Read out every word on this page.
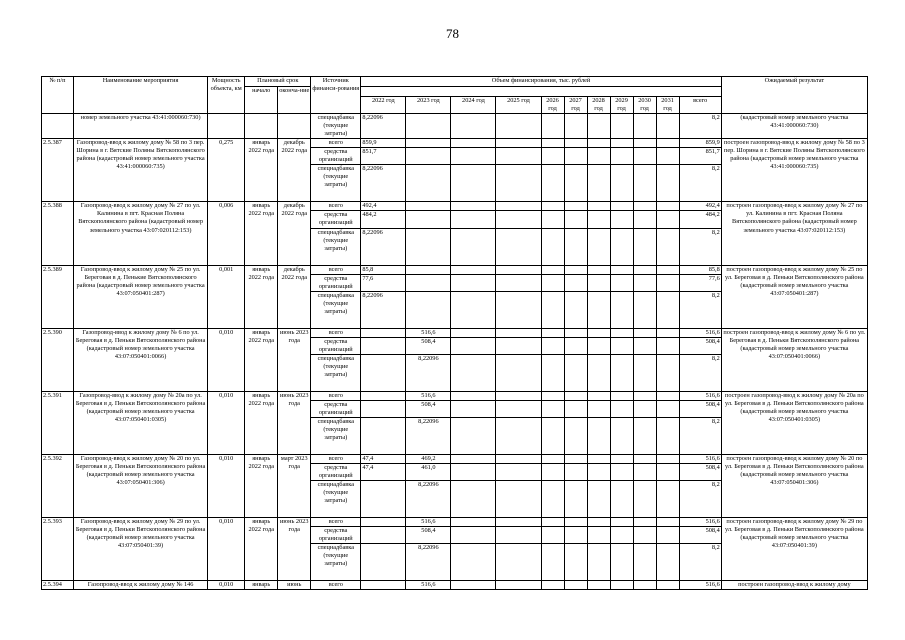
78
№ п/п	Наименование мероприятия	Мощность объекта, км	Плановый срок		Источник финанси-рования	Объем финансирования, тыс. рублей											Ожидаемый результат
			начало	оконча-ние													
						2022 год	2023 год	2024 год	2025 год	2026 год	2027 год	2028 год	2029 год	2030 год	2031 год	всего	
	номер земельного участка 43:41:000060:730)				спецнадбавка (текущие затраты)	8,22096										8,2	(кадастровый номер земельного участка 43:41:000060:730)
2.5.387	Газопровод-ввод к жилому дому № 58 по 3 пер. Шорина в г. Вятские Поляны Вятскополянского района (кадастровый номер земельного участка 43:41:000060:735)	0,275	январь 2022 года	декабрь 2022 года	всего	859,9										859,9	построен газопровод-ввод к жилому дому № 58 по 3 пер. Шорина в г. Вятские Поляны Вятскополянского района (кадастровый номер земельного участка 43:41:000060:735)
					средства организаций	851,7										851,7	
					спецнадбавка (текущие затраты)	8,22096										8,2	
2.5.388	Газопровод-ввод к жилому дому № 27 по ул. Калинина в пгт. Красная Поляна Вятскополянского района (кадастровый номер земельного участка 43:07:020112:153)	0,006	январь 2022 года	декабрь 2022 года	всего	492,4										492,4	построен газопровод-ввод к жилому дому № 27 по ул. Калинина в пгт. Красная Поляна Вятскополянского района (кадастровый номер земельного участка 43:07:020112:153)
					средства организаций	484,2										484,2	
					спецнадбавка (текущие затраты)	8,22096										8,2	
2.5.389	Газопровод-ввод к жилому дому № 25 по ул. Береговая в д. Пенькие Вятскополянского района (кадастровый номер земельного участка 43:07:050401:287)	0,001	январь 2022 года	декабрь 2022 года	всего	85,8										85,8	построен газопровод-ввод к жилому дому № 25 по ул. Береговая в д. Пеньки Вятскополянского района (кадастровый номер земельного участка 43:07:050401:287)
					средства организаций	77,6										77,6	
					спецнадбавка (текущие затраты)	8,22096										8,2	
2.5.390	Газопровод-ввод к жилому дому № 6 по ул. Береговая в д. Пеньки Вятскополянского района (кадастровый номер земельного участка 43:07:050401:0066)	0,010	январь 2022 года	июнь 2023 года	всего		516,6									516,6	построен газопровод-ввод к жилому дому № 6 по ул. Береговая в д. Пеньки Вятскополянского района (кадастровый номер земельного участка 43:07:050401:0066)
					средства организаций		508,4									508,4	
					спецнадбавка (текущие затраты)		8,22096									8,2	
2.5.391	Газопровод-ввод к жилому дому № 20а по ул. Береговая в д. Пеньки Вятскополянского района (кадастровый номер земельного участка 43:07:050401:0305)	0,010	январь 2022 года	июнь 2023 года	всего		516,6									516,6	построен газопровод-ввод к жилому дому № 20а по ул. Береговая в д. Пеньки Вятскополянского района (кадастровый номер земельного участка 43:07:050401:0305)
					средства организаций		508,4									508,4	
					спецнадбавка (текущие затраты)		8,22096									8,2	
2.5.392	Газопровод-ввод к жилому дому № 20 по ул. Береговая в д. Пеньки Вятскополянского района (кадастровый номер земельного участка 43:07:050401:306)	0,010	январь 2022 года	март 2023 года	всего	47,4	469,2									516,6	построен газопровод-ввод к жилому дому № 20 по ул. Береговая в д. Пеньки Вятскополянского района (кадастровый номер земельного участка 43:07:050401:306)
					средства организаций	47,4	461,0									508,4	
					спецнадбавка (текущие затраты)		8,22096									8,2	
2.5.393	Газопровод-ввод к жилому дому № 29 по ул. Береговая в д. Пеньки Вятскополянского района (кадастровый номер земельного участка 43:07:050401:39)	0,010	январь 2022 года	июнь 2023 года	всего		516,6									516,6	построен газопровод-ввод к жилому дому № 29 по ул. Береговая в д. Пеньки Вятскополянского района (кадастровый номер земельного участка 43:07:050401:39)
					средства организаций		508,4									508,4	
					спецнадбавка (текущие затраты)		8,22096									8,2	
2.5.394	Газопровод-ввод к жилому дому № 146	0,010	январь	июнь	всего		516,6									516,6	построен газопровод-ввод к жилому дому
